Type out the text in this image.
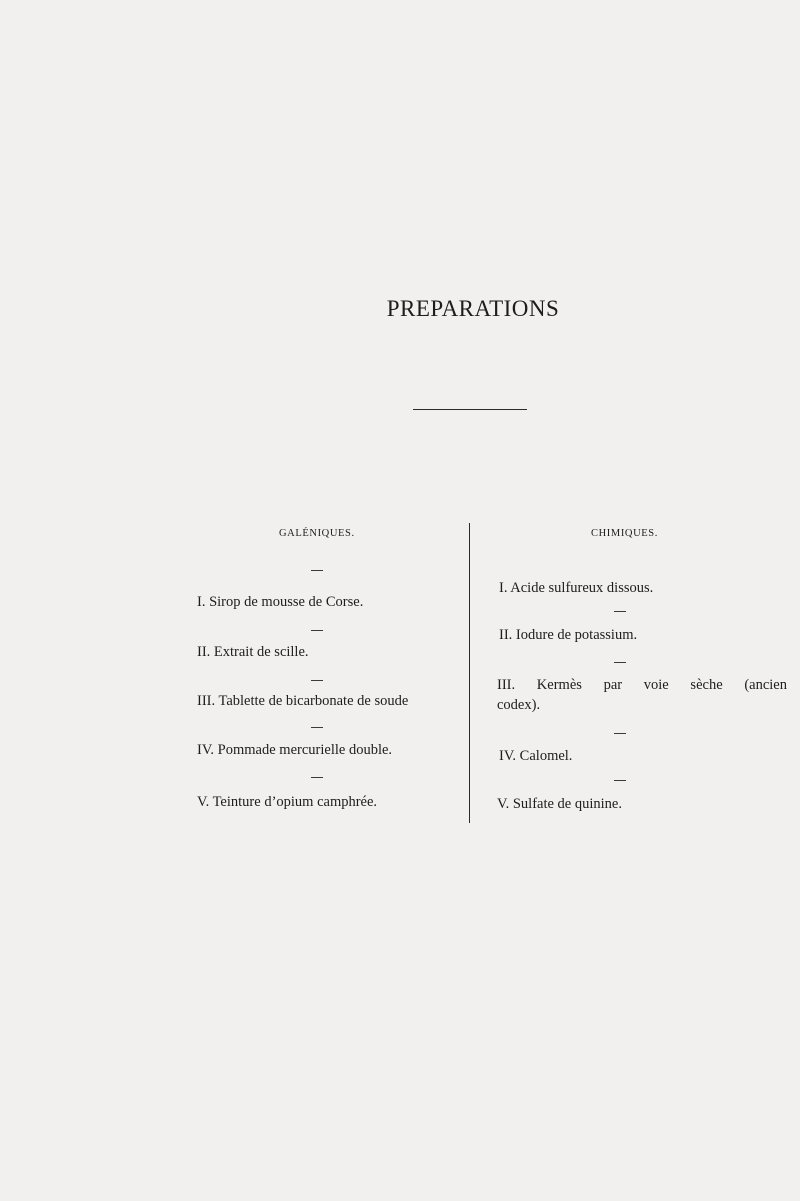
PREPARATIONS
GALÉNIQUES.	CHIMIQUES.
I. Sirop de mousse de Corse.
II. Extrait de scille.
III. Tablette de bicarbonate de soude
IV. Pommade mercurielle double.
V. Teinture d’opium camphrée.
I. Acide sulfureux dissous.
II. Iodure de potassium.
III. Kermès par voie sèche (ancien
codex).
IV. Calomel.
V. Sulfate de quinine.
